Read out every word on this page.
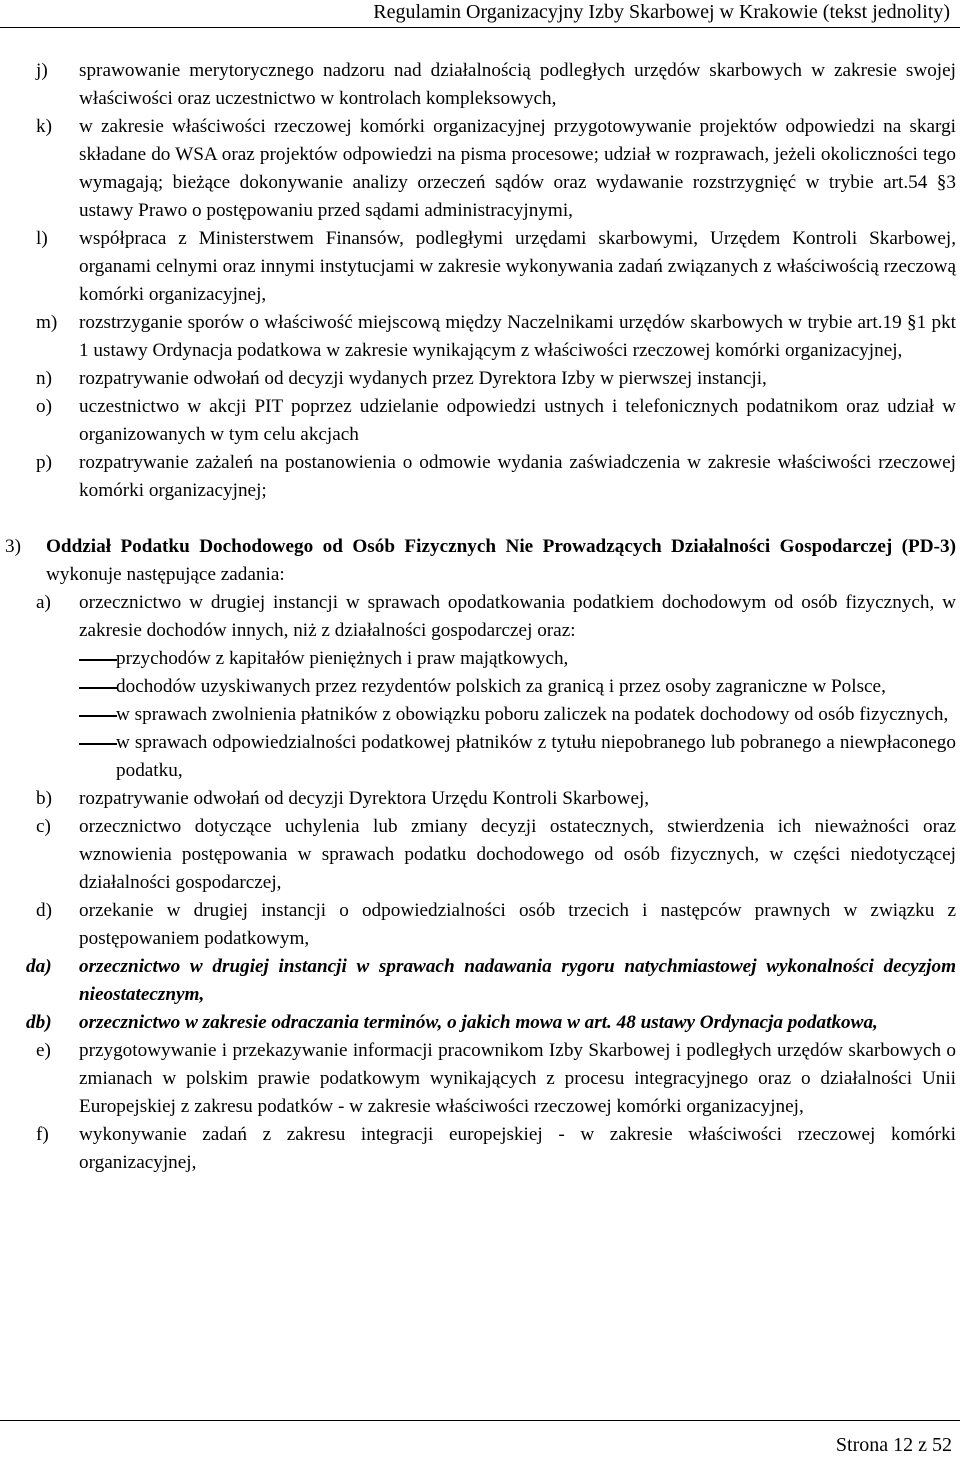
Regulamin Organizacyjny Izby Skarbowej w Krakowie (tekst jednolity)
j) sprawowanie merytorycznego nadzoru nad działalnością podległych urzędów skarbowych w zakresie swojej właściwości oraz uczestnictwo w kontrolach kompleksowych,
k) w zakresie właściwości rzeczowej komórki organizacyjnej przygotowywanie projektów odpowiedzi na skargi składane do WSA oraz projektów odpowiedzi na pisma procesowe; udział w rozprawach, jeżeli okoliczności tego wymagają; bieżące dokonywanie analizy orzeczeń sądów oraz wydawanie rozstrzygnięć w trybie art.54 §3 ustawy Prawo o postępowaniu przed sądami administracyjnymi,
l) współpraca z Ministerstwem Finansów, podległymi urzędami skarbowymi, Urzędem Kontroli Skarbowej, organami celnymi oraz innymi instytucjami w zakresie wykonywania zadań związanych z właściwością rzeczową komórki organizacyjnej,
m) rozstrzyganie sporów o właściwość miejscową między Naczelnikami urzędów skarbowych w trybie art.19 §1 pkt 1 ustawy Ordynacja podatkowa w zakresie wynikającym z właściwości rzeczowej komórki organizacyjnej,
n) rozpatrywanie odwołań od decyzji wydanych przez Dyrektora Izby w pierwszej instancji,
o) uczestnictwo w akcji PIT poprzez udzielanie odpowiedzi ustnych i telefonicznych podatnikom oraz udział w organizowanych w tym celu akcjach
p) rozpatrywanie zażaleń na postanowienia o odmowie wydania zaświadczenia w zakresie właściwości rzeczowej komórki organizacyjnej;
3) Oddział Podatku Dochodowego od Osób Fizycznych Nie Prowadzących Działalności Gospodarczej (PD-3) wykonuje następujące zadania:
a) orzecznictwo w drugiej instancji w sprawach opodatkowania podatkiem dochodowym od osób fizycznych, w zakresie dochodów innych, niż z działalności gospodarczej oraz:
przychodów z kapitałów pieniężnych i praw majątkowych,
dochodów uzyskiwanych przez rezydentów polskich za granicą i przez osoby zagraniczne w Polsce,
w sprawach zwolnienia płatników z obowiązku poboru zaliczek na podatek dochodowy od osób fizycznych,
w sprawach odpowiedzialności podatkowej płatników z tytułu niepobranego lub pobranego a niewpłaconego podatku,
b) rozpatrywanie odwołań od decyzji Dyrektora Urzędu Kontroli Skarbowej,
c) orzecznictwo dotyczące uchylenia lub zmiany decyzji ostatecznych, stwierdzenia ich nieważności oraz wznowienia postępowania w sprawach podatku dochodowego od osób fizycznych, w części niedotyczącej działalności gospodarczej,
d) orzekanie w drugiej instancji o odpowiedzialności osób trzecich i następców prawnych w związku z postępowaniem podatkowym,
da) orzecznictwo w drugiej instancji w sprawach nadawania rygoru natychmiastowej wykonalności decyzjom nieostatecznym,
db) orzecznictwo w zakresie odraczania terminów, o jakich mowa w art. 48 ustawy Ordynacja podatkowa,
e) przygotowywanie i przekazywanie informacji pracownikom Izby Skarbowej i podległych urzędów skarbowych o zmianach w polskim prawie podatkowym wynikających z procesu integracyjnego oraz o działalności Unii Europejskiej z zakresu podatków - w zakresie właściwości rzeczowej komórki organizacyjnej,
f) wykonywanie zadań z zakresu integracji europejskiej - w zakresie właściwości rzeczowej komórki organizacyjnej,
Strona 12 z 52
